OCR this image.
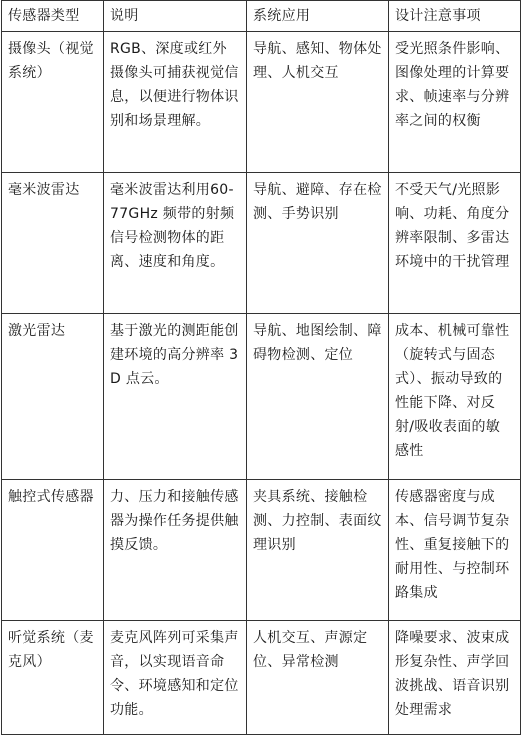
传感器类型	说明	系统应用	设计注意事项
摄像头（视觉系统）	RGB、深度或红外摄像头可捕获视觉信息，以便进行物体识别和场景理解。	导航、感知、物体处理、人机交互	受光照条件影响、图像处理的计算要求、帧速率与分辨率之间的权衡
毫米波雷达	毫米波雷达利用60-77GHz 频带的射频信号检测物体的距离、速度和角度。	导航、避障、存在检测、手势识别	不受天气/光照影响、功耗、角度分辨率限制、多雷达环境中的干扰管理
激光雷达	基于激光的测距能创建环境的高分辨率 3D 点云。	导航、地图绘制、障碍物检测、定位	成本、机械可靠性（旋转式与固态式）、振动导致的性能下降、对反射/吸收表面的敏感性
触控式传感器	力、压力和接触传感器为操作任务提供触摸反馈。	夹具系统、接触检测、力控制、表面纹理识别	传感器密度与成本、信号调节复杂性、重复接触下的耐用性、与控制环路集成
听觉系统（麦克风）	麦克风阵列可采集声音，以实现语音命令、环境感知和定位功能。	人机交互、声源定位、异常检测	降噪要求、波束成形复杂性、声学回波挑战、语音识别处理需求
